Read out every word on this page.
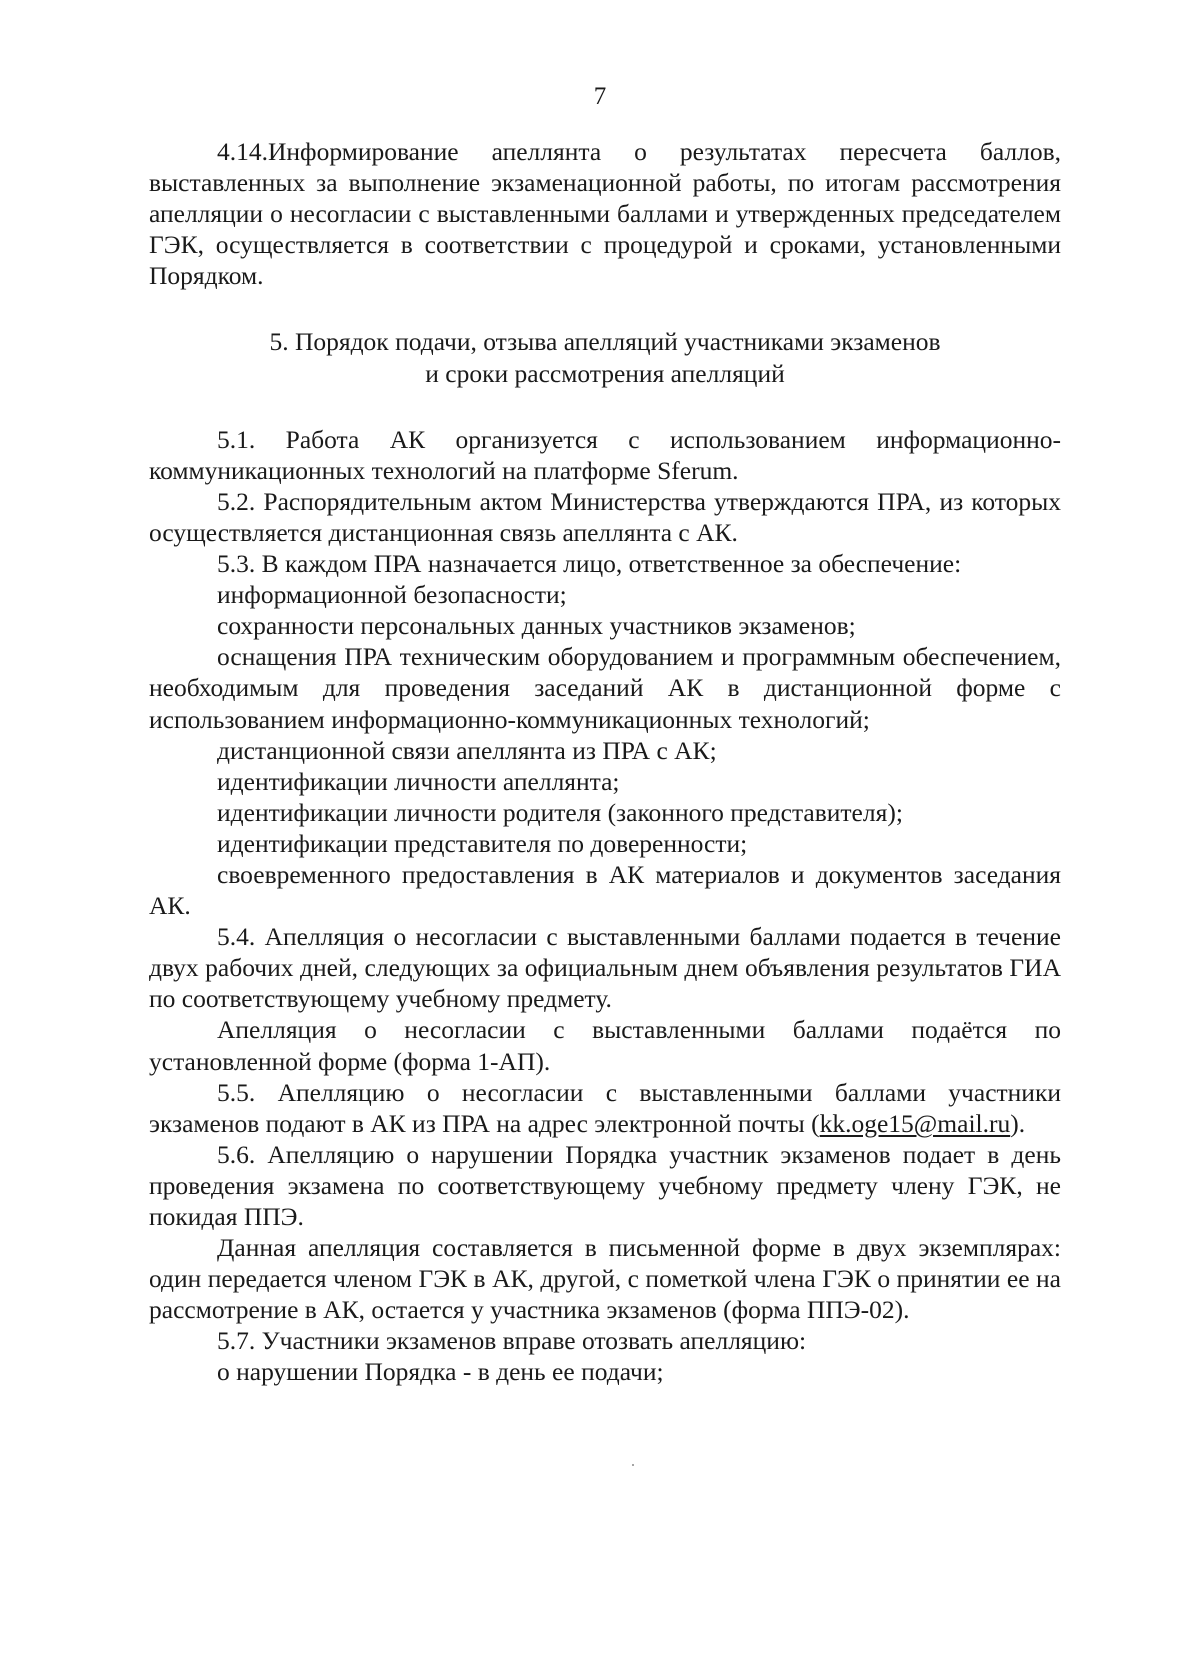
7

4.14.Информирование апеллянта о результатах пересчета баллов, выставленных за выполнение экзаменационной работы, по итогам рассмотрения апелляции о несогласии с выставленными баллами и утвержденных председателем ГЭК, осуществляется в соответствии с процедурой и сроками, установленными Порядком.

5. Порядок подачи, отзыва апелляций участниками экзаменов

и сроки рассмотрения апелляций

5.1. Работа АК организуется с использованием информационно-коммуникационных технологий на платформе Sferum.

5.2. Распорядительным актом Министерства утверждаются ПРА, из которых осуществляется дистанционная связь апеллянта с АК.

5.3. В каждом ПРА назначается лицо, ответственное за обеспечение:

информационной безопасности;

сохранности персональных данных участников экзаменов;

оснащения ПРА техническим оборудованием и программным обеспечением, необходимым для проведения заседаний АК в дистанционной форме с использованием информационно-коммуникационных технологий;

дистанционной связи апеллянта из ПРА с АК;

идентификации личности апеллянта;

идентификации личности родителя (законного представителя);

идентификации представителя по доверенности;

своевременного предоставления в АК материалов и документов заседания АК.

5.4. Апелляция о несогласии с выставленными баллами подается в течение двух рабочих дней, следующих за официальным днем объявления результатов ГИА по соответствующему учебному предмету.

Апелляция о несогласии с выставленными баллами подаётся по установленной форме (форма 1-АП).

5.5. Апелляцию о несогласии с выставленными баллами участники экзаменов подают в АК из ПРА на адрес электронной почты (kk.oge15@mail.ru).

5.6. Апелляцию о нарушении Порядка участник экзаменов подает в день проведения экзамена по соответствующему учебному предмету члену ГЭК, не покидая ППЭ.

Данная апелляция составляется в письменной форме в двух экземплярах: один передается членом ГЭК в АК, другой, с пометкой члена ГЭК о принятии ее на рассмотрение в АК, остается у участника экзаменов (форма ППЭ-02).

5.7. Участники экзаменов вправе отозвать апелляцию:

о нарушении Порядка - в день ее подачи;
